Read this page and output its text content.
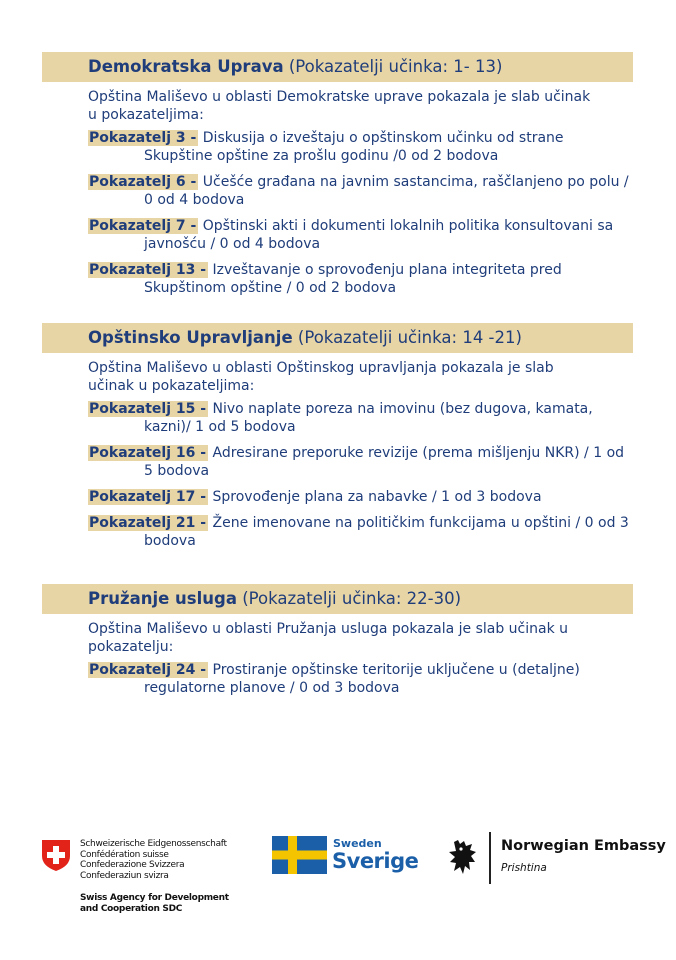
Demokratska Uprava (Pokazatelji učinka: 1- 13)

Opština Mališevo u oblasti Demokratske uprave pokazala je slab učinak

u pokazateljima:

Pokazatelj 3 - Diskusija o izveštaju o opštinskom učinku od strane
Skupštine opštine za prošlu godinu /0 od 2 bodova
Pokazatelj 6 - Učešće građana na javnim sastancima, raščlanjeno po polu /
0 od 4 bodova
Pokazatelj 7 - Opštinski akti i dokumenti lokalnih politika konsultovani sa
javnošću / 0 od 4 bodova
Pokazatelj 13 - Izveštavanje o sprovođenju plana integriteta pred
Skupštinom opštine / 0 od 2 bodova
Opštinsko Upravljanje (Pokazatelji učinka: 14 -21)

Opština Mališevo u oblasti Opštinskog upravljanja pokazala je slab

učinak u pokazateljima:

Pokazatelj 15 - Nivo naplate poreza na imovinu (bez dugova, kamata,
kazni)/ 1 od 5 bodova
Pokazatelj 16 - Adresirane preporuke revizije (prema mišljenju NKR) / 1 od
5 bodova
Pokazatelj 17 - Sprovođenje plana za nabavke / 1 od 3 bodova
Pokazatelj 21 - Žene imenovane na političkim funkcijama u opštini / 0 od 3
bodova
Pružanje usluga (Pokazatelji učinka: 22-30)

Opština Mališevo u oblasti Pružanja usluga pokazala je slab učinak u

pokazatelju:

Pokazatelj 24 - Prostiranje opštinske teritorije uključene u (detaljne)
regulatorne planove / 0 od 3 bodova
Schweizerische Eidgenossenschaft
Confédération suisse
Confederazione Svizzera
Confederaziun svizra
Swiss Agency for Development
and Cooperation SDC
Sweden
Sverige
Norwegian Embassy
Prishtina
